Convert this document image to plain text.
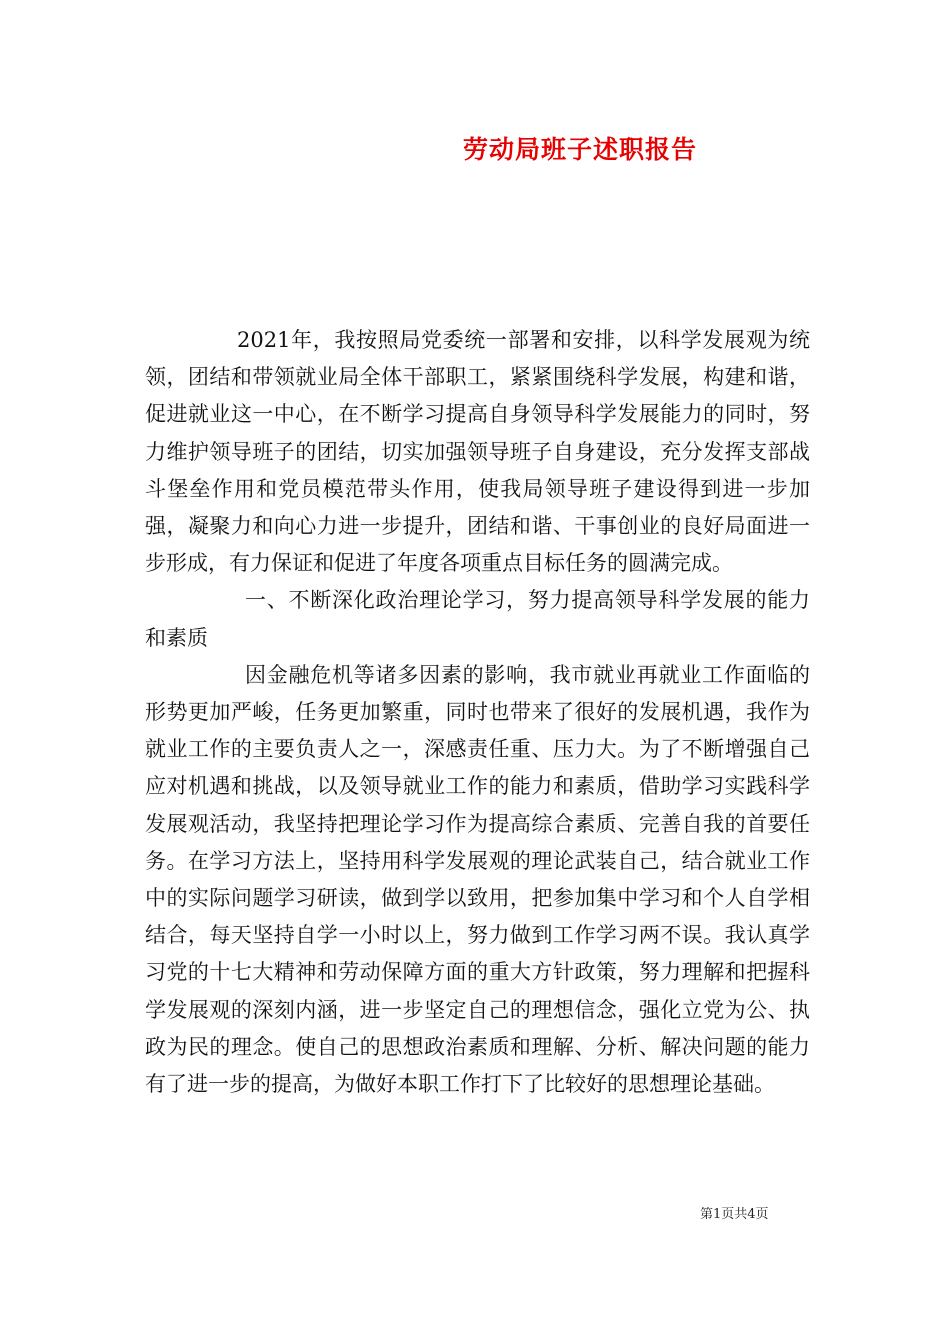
劳动局班子述职报告

2021年，我按照局党委统一部署和安排，以科学发展观为统领，团结和带领就业局全体干部职工，紧紧围绕科学发展，构建和谐，促进就业这一中心，在不断学习提高自身领导科学发展能力的同时，努力维护领导班子的团结，切实加强领导班子自身建设，充分发挥支部战斗堡垒作用和党员模范带头作用，使我局领导班子建设得到进一步加强，凝聚力和向心力进一步提升，团结和谐、干事创业的良好局面进一步形成，有力保证和促进了年度各项重点目标任务的圆满完成。

一、不断深化政治理论学习，努力提高领导科学发展的能力和素质

因金融危机等诸多因素的影响，我市就业再就业工作面临的形势更加严峻，任务更加繁重，同时也带来了很好的发展机遇，我作为就业工作的主要负责人之一，深感责任重、压力大。为了不断增强自己应对机遇和挑战，以及领导就业工作的能力和素质，借助学习实践科学发展观活动，我坚持把理论学习作为提高综合素质、完善自我的首要任务。在学习方法上，坚持用科学发展观的理论武装自己，结合就业工作中的实际问题学习研读，做到学以致用，把参加集中学习和个人自学相结合，每天坚持自学一小时以上，努力做到工作学习两不误。我认真学习党的十七大精神和劳动保障方面的重大方针政策，努力理解和把握科学发展观的深刻内涵，进一步坚定自己的理想信念，强化立党为公、执政为民的理念。使自己的思想政治素质和理解、分析、解决问题的能力有了进一步的提高，为做好本职工作打下了比较好的思想理论基础。

第1页共4页
